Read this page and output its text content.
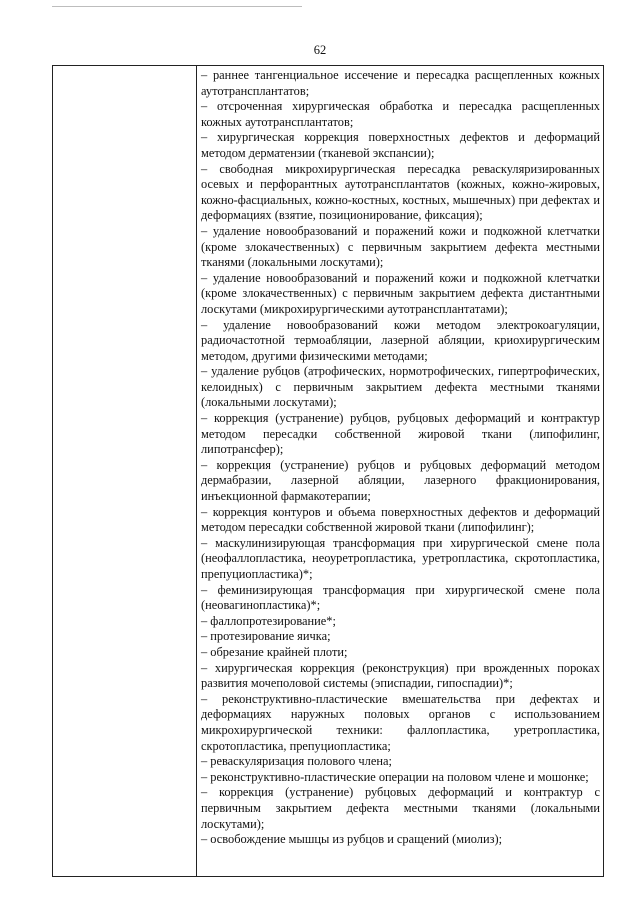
62

– раннее тангенциальное иссечение и пересадка расщепленных кожных аутотрансплантатов;

– отсроченная хирургическая обработка и пересадка расщепленных кожных аутотрансплантатов;

– хирургическая коррекция поверхностных дефектов и деформаций методом дерматензии (тканевой экспансии);

– свободная микрохирургическая пересадка реваскуляризированных осевых и перфорантных аутотрансплантатов (кожных, кожно-жировых, кожно-фасциальных, кожно-костных, костных, мышечных) при дефектах и деформациях (взятие, позиционирование, фиксация);

– удаление новообразований и поражений кожи и подкожной клетчатки (кроме злокачественных) с первичным закрытием дефекта местными тканями (локальными лоскутами);

– удаление новообразований и поражений кожи и подкожной клетчатки (кроме злокачественных) с первичным закрытием дефекта дистантными лоскутами (микрохирургическими аутотрансплантатами);

– удаление новообразований кожи методом электрокоагуляции, радиочастотной термоабляции, лазерной абляции, криохирургическим методом, другими физическими методами;

– удаление рубцов (атрофических, нормотрофических, гипертрофических, келоидных) с первичным закрытием дефекта местными тканями (локальными лоскутами);

– коррекция (устранение) рубцов, рубцовых деформаций и контрактур методом пересадки собственной жировой ткани (липофилинг, липотрансфер);

– коррекция (устранение) рубцов и рубцовых деформаций методом дермабразии, лазерной абляции, лазерного фракционирования, инъекционной фармакотерапии;

– коррекция контуров и объема поверхностных дефектов и деформаций методом пересадки собственной жировой ткани (липофилинг);

– маскулинизирующая трансформация при хирургической смене пола (неофаллопластика, неоуретропластика, уретропластика, скротопластика, препуциопластика)*;

– феминизирующая трансформация при хирургической смене пола (неовагинопластика)*;

– фаллопротезирование*;

– протезирование яичка;

– обрезание крайней плоти;

– хирургическая коррекция (реконструкция) при врожденных пороках развития мочеполовой системы (эписпадии, гипоспадии)*;

– реконструктивно-пластические вмешательства при дефектах и деформациях наружных половых органов с использованием микрохирургической техники: фаллопластика, уретропластика, скротопластика, препуциопластика;

– реваскуляризация полового члена;

– реконструктивно-пластические операции на половом члене и мошонке;

– коррекция (устранение) рубцовых деформаций и контрактур с первичным закрытием дефекта местными тканями (локальными лоскутами);

– освобождение мышцы из рубцов и сращений (миолиз);
